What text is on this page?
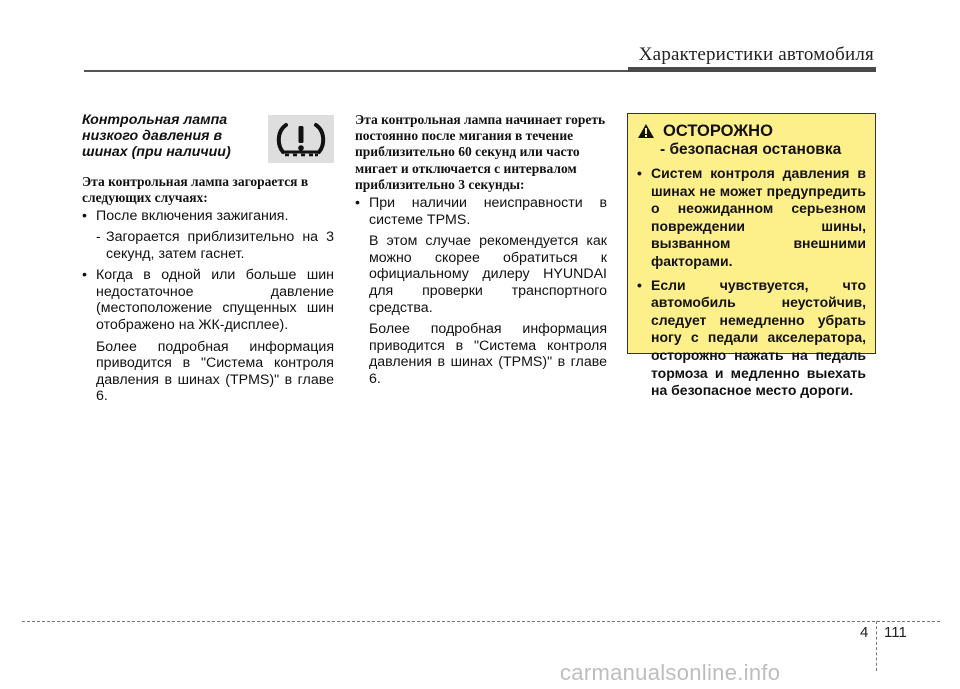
Характеристики автомобиля
Контрольная лампа низкого давления в шинах (при наличии)
Эта контрольная лампа загорается в следующих случаях:
• После включения зажигания.
- Загорается приблизительно на 3 секунд, затем гаснет.
• Когда в одной или больше шин недостаточное давление (местоположение спущенных шин отображено на ЖК-дисплее).
Более подробная информация приводится в "Система контроля давления в шинах (TPMS)" в главе 6.
Эта контрольная лампа начинает гореть постоянно после мигания в течение приблизительно 60 секунд или часто мигает и отключается с интервалом приблизительно 3 секунды:
• При наличии неисправности в системе TPMS.
В этом случае рекомендуется как можно скорее обратиться к официальному дилеру HYUNDAI для проверки транспортного средства.
Более подробная информация приводится в "Система контроля давления в шинах (TPMS)" в главе 6.
ОСТОРОЖНО
- безопасная остановка
• Систем контроля давления в шинах не может предупредить о неожиданном серьезном повреждении шины, вызванном внешними факторами.
• Если чувствуется, что автомобиль неустойчив, следует немедленно убрать ногу с педали акселератора, осторожно нажать на педаль тормоза и медленно выехать на безопасное место дороги.
4 111
carmanualsonline.info
